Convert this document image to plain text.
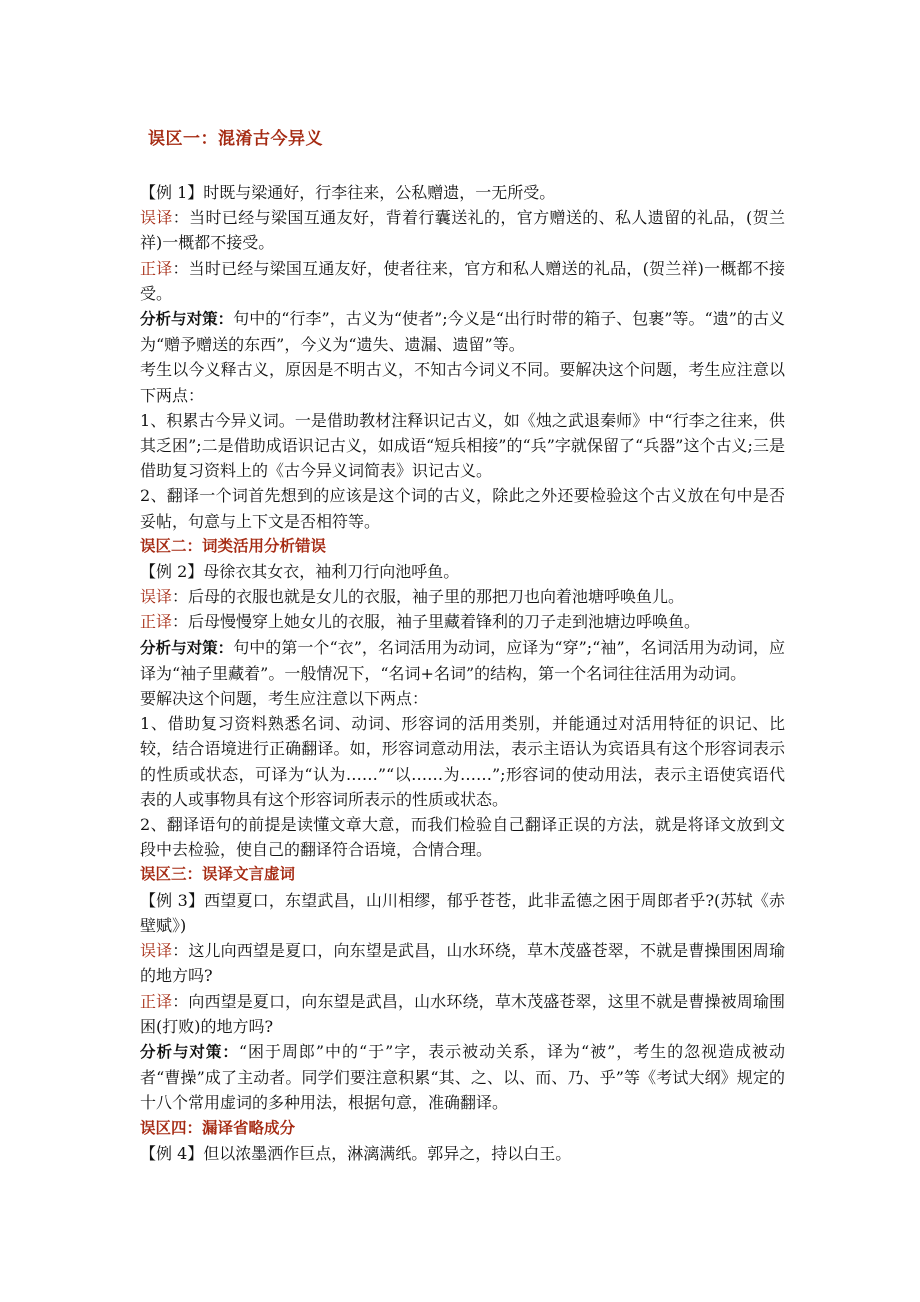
误区一：混淆古今异义

【例 1】时既与梁通好，行李往来，公私赠遗，一无所受。

误译：当时已经与梁国互通友好，背着行囊送礼的，官方赠送的、私人遗留的礼品，(贺兰祥)一概都不接受。

正译：当时已经与梁国互通友好，使者往来，官方和私人赠送的礼品，(贺兰祥)一概都不接受。

分析与对策：句中的“行李”，古义为“使者”;今义是“出行时带的箱子、包裹”等。“遗”的古义为“赠予赠送的东西”，今义为“遗失、遗漏、遗留”等。

考生以今义释古义，原因是不明古义，不知古今词义不同。要解决这个问题，考生应注意以下两点：

1、积累古今异义词。一是借助教材注释识记古义，如《烛之武退秦师》中“行李之往来，供其乏困”;二是借助成语识记古义，如成语“短兵相接”的“兵”字就保留了“兵器”这个古义;三是借助复习资料上的《古今异义词简表》识记古义。

2、翻译一个词首先想到的应该是这个词的古义，除此之外还要检验这个古义放在句中是否妥帖，句意与上下文是否相符等。

误区二：词类活用分析错误

【例 2】母徐衣其女衣，袖利刀行向池呼鱼。

误译：后母的衣服也就是女儿的衣服，袖子里的那把刀也向着池塘呼唤鱼儿。

正译：后母慢慢穿上她女儿的衣服，袖子里藏着锋利的刀子走到池塘边呼唤鱼。

分析与对策：句中的第一个“衣”，名词活用为动词，应译为“穿”;“袖”，名词活用为动词，应译为“袖子里藏着”。一般情况下，“名词+名词”的结构，第一个名词往往活用为动词。

要解决这个问题，考生应注意以下两点：

1、借助复习资料熟悉名词、动词、形容词的活用类别，并能通过对活用特征的识记、比较，结合语境进行正确翻译。如，形容词意动用法，表示主语认为宾语具有这个形容词表示的性质或状态，可译为“认为……”“以……为……”;形容词的使动用法，表示主语使宾语代表的人或事物具有这个形容词所表示的性质或状态。

2、翻译语句的前提是读懂文章大意，而我们检验自己翻译正误的方法，就是将译文放到文段中去检验，使自己的翻译符合语境，合情合理。

误区三：误译文言虚词

【例 3】西望夏口，东望武昌，山川相缪，郁乎苍苍，此非孟德之困于周郎者乎?(苏轼《赤壁赋》)

误译：这儿向西望是夏口，向东望是武昌，山水环绕，草木茂盛苍翠，不就是曹操围困周瑜的地方吗?

正译：向西望是夏口，向东望是武昌，山水环绕，草木茂盛苍翠，这里不就是曹操被周瑜围困(打败)的地方吗?

分析与对策：“困于周郎”中的“于”字，表示被动关系，译为“被”，考生的忽视造成被动者“曹操”成了主动者。同学们要注意积累“其、之、以、而、乃、乎”等《考试大纲》规定的十八个常用虚词的多种用法，根据句意，准确翻译。

误区四：漏译省略成分

【例 4】但以浓墨洒作巨点，淋漓满纸。郭异之，持以白王。
